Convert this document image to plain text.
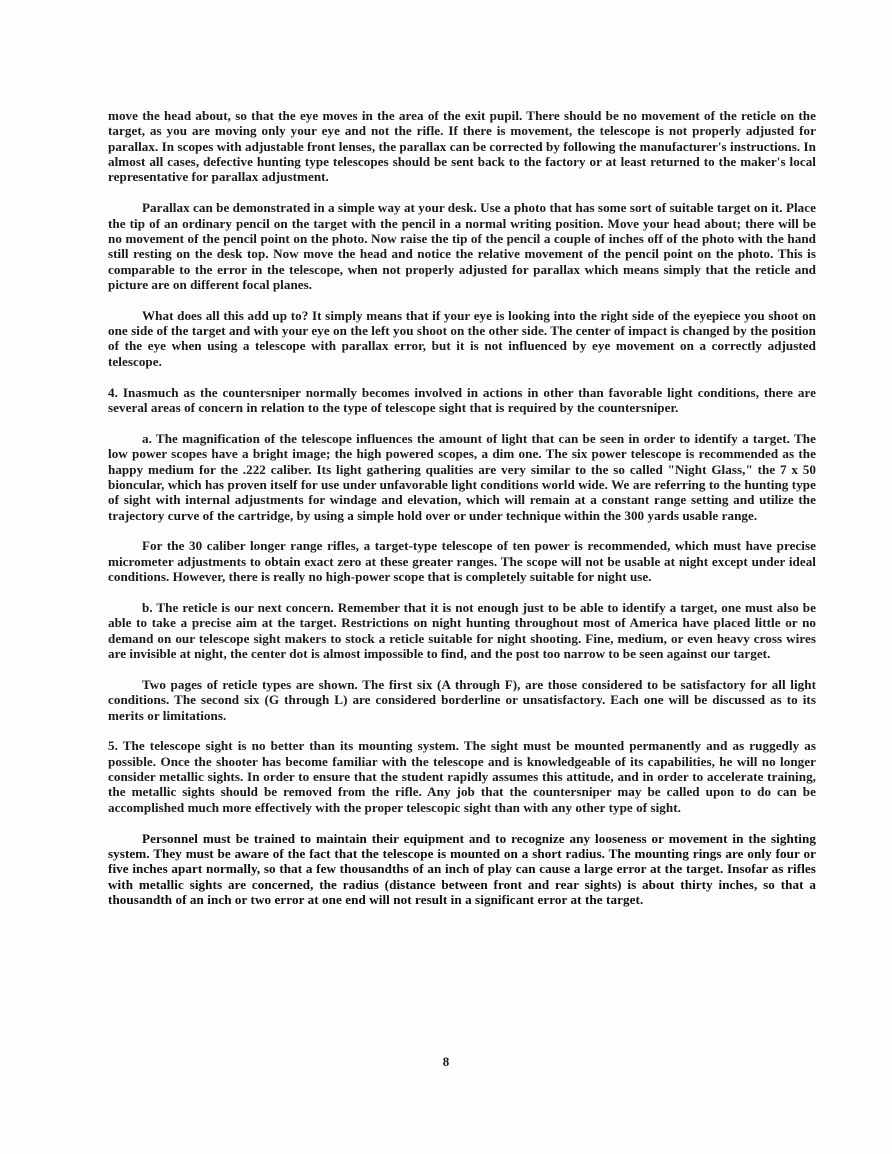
move the head about, so that the eye moves in the area of the exit pupil. There should be no movement of the reticle on the target, as you are moving only your eye and not the rifle. If there is movement, the telescope is not properly adjusted for parallax. In scopes with adjustable front lenses, the parallax can be corrected by following the manufacturer's instructions. In almost all cases, defective hunting type telescopes should be sent back to the factory or at least returned to the maker's local representative for parallax adjustment.

Parallax can be demonstrated in a simple way at your desk. Use a photo that has some sort of suitable target on it. Place the tip of an ordinary pencil on the target with the pencil in a normal writing position. Move your head about; there will be no movement of the pencil point on the photo. Now raise the tip of the pencil a couple of inches off of the photo with the hand still resting on the desk top. Now move the head and notice the relative movement of the pencil point on the photo. This is comparable to the error in the telescope, when not properly adjusted for parallax which means simply that the reticle and picture are on different focal planes.

What does all this add up to? It simply means that if your eye is looking into the right side of the eyepiece you shoot on one side of the target and with your eye on the left you shoot on the other side. The center of impact is changed by the position of the eye when using a telescope with parallax error, but it is not influenced by eye movement on a correctly adjusted telescope.

4. Inasmuch as the countersniper normally becomes involved in actions in other than favorable light conditions, there are several areas of concern in relation to the type of telescope sight that is required by the countersniper.

a. The magnification of the telescope influences the amount of light that can be seen in order to identify a target. The low power scopes have a bright image; the high powered scopes, a dim one. The six power telescope is recommended as the happy medium for the .222 caliber. Its light gathering qualities are very similar to the so called "Night Glass," the 7 x 50 bioncular, which has proven itself for use under unfavorable light conditions world wide. We are referring to the hunting type of sight with internal adjustments for windage and elevation, which will remain at a constant range setting and utilize the trajectory curve of the cartridge, by using a simple hold over or under technique within the 300 yards usable range.

For the 30 caliber longer range rifles, a target-type telescope of ten power is recommended, which must have precise micrometer adjustments to obtain exact zero at these greater ranges. The scope will not be usable at night except under ideal conditions. However, there is really no high-power scope that is completely suitable for night use.

b. The reticle is our next concern. Remember that it is not enough just to be able to identify a target, one must also be able to take a precise aim at the target. Restrictions on night hunting throughout most of America have placed little or no demand on our telescope sight makers to stock a reticle suitable for night shooting. Fine, medium, or even heavy cross wires are invisible at night, the center dot is almost impossible to find, and the post too narrow to be seen against our target.

Two pages of reticle types are shown. The first six (A through F), are those considered to be satisfactory for all light conditions. The second six (G through L) are considered borderline or unsatisfactory. Each one will be discussed as to its merits or limitations.

5. The telescope sight is no better than its mounting system. The sight must be mounted permanently and as ruggedly as possible. Once the shooter has become familiar with the telescope and is knowledgeable of its capabilities, he will no longer consider metallic sights. In order to ensure that the student rapidly assumes this attitude, and in order to accelerate training, the metallic sights should be removed from the rifle. Any job that the countersniper may be called upon to do can be accomplished much more effectively with the proper telescopic sight than with any other type of sight.

Personnel must be trained to maintain their equipment and to recognize any looseness or movement in the sighting system. They must be aware of the fact that the telescope is mounted on a short radius. The mounting rings are only four or five inches apart normally, so that a few thousandths of an inch of play can cause a large error at the target. Insofar as rifles with metallic sights are concerned, the radius (distance between front and rear sights) is about thirty inches, so that a thousandth of an inch or two error at one end will not result in a significant error at the target.

8
